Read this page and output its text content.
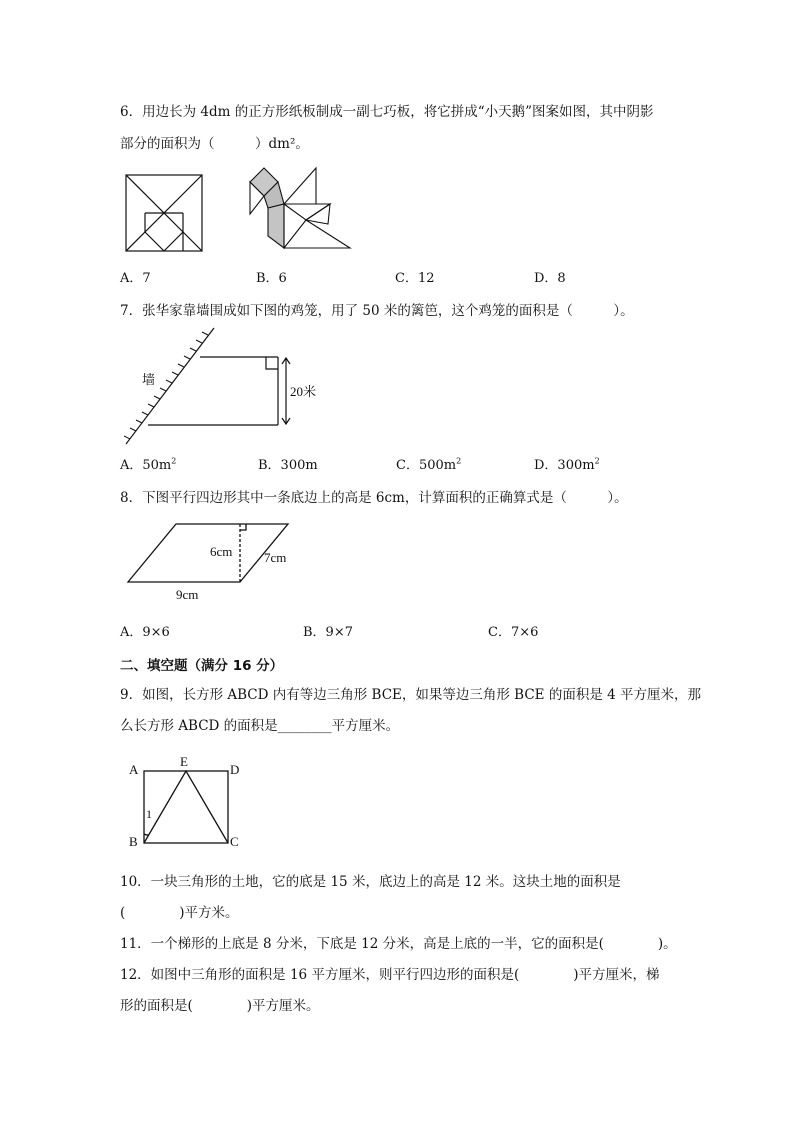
6．用边长为 4dm 的正方形纸板制成一副七巧板，将它拼成“小天鹅”图案如图，其中阴影
部分的面积为（　　　）dm²。
A．7	B．6	C．12	D．8
7．张华家靠墙围成如下图的鸡笼，用了 50 米的篱笆，这个鸡笼的面积是（　　　）。
墙
20米
A．$50m^2$	B．300m	C．$500m^2$	D．$300m^2$
8．下图平行四边形其中一条底边上的高是 6cm，计算面积的正确算式是（　　　）。
6cm 7cm
9cm
A．9×6	B．9×7	C．7×6
二、填空题（满分 16 分）
9．如图，长方形 ABCD 内有等边三角形 BCE，如果等边三角形 BCE 的面积是 4 平方厘米，那
么长方形 ABCD 的面积是________平方厘米。
A
E
D
B	C
1
10．一块三角形的土地，它的底是 15 米，底边上的高是 12 米。这块土地的面积是
(　　　　)平方米。
11．一个梯形的上底是 8 分米，下底是 12 分米，高是上底的一半，它的面积是(　　　　)。
12．如图中三角形的面积是 16 平方厘米，则平行四边形的面积是(　　　　)平方厘米，梯
形的面积是(　　　　)平方厘米。
